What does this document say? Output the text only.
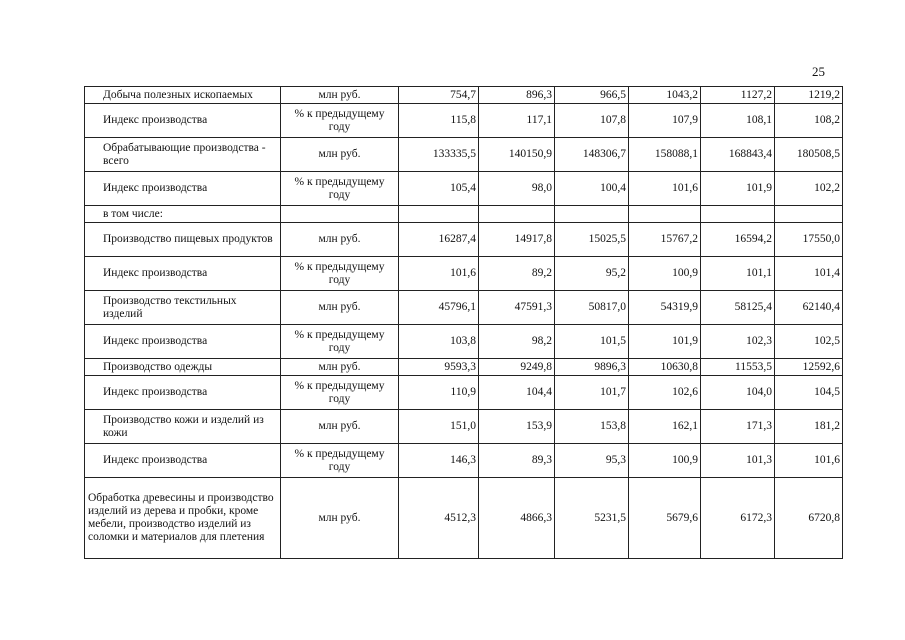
25
Добыча полезных ископаемых	млн руб.	754,7	896,3	966,5	1043,2	1127,2	1219,2
Индекс производства	% к предыдущему году	115,8	117,1	107,8	107,9	108,1	108,2
Обрабатывающие производства - всего	млн руб.	133335,5	140150,9	148306,7	158088,1	168843,4	180508,5
Индекс производства	% к предыдущему году	105,4	98,0	100,4	101,6	101,9	102,2
в том числе:							
Производство пищевых продуктов	млн руб.	16287,4	14917,8	15025,5	15767,2	16594,2	17550,0
Индекс производства	% к предыдущему году	101,6	89,2	95,2	100,9	101,1	101,4
Производство текстильных изделий	млн руб.	45796,1	47591,3	50817,0	54319,9	58125,4	62140,4
Индекс производства	% к предыдущему году	103,8	98,2	101,5	101,9	102,3	102,5
Производство одежды	млн руб.	9593,3	9249,8	9896,3	10630,8	11553,5	12592,6
Индекс производства	% к предыдущему году	110,9	104,4	101,7	102,6	104,0	104,5
Производство кожи и изделий из кожи	млн руб.	151,0	153,9	153,8	162,1	171,3	181,2
Индекс производства	% к предыдущему году	146,3	89,3	95,3	100,9	101,3	101,6
Обработка древесины и производство изделий из дерева и пробки, кроме мебели, производство изделий из соломки и материалов для плетения	млн руб.	4512,3	4866,3	5231,5	5679,6	6172,3	6720,8
